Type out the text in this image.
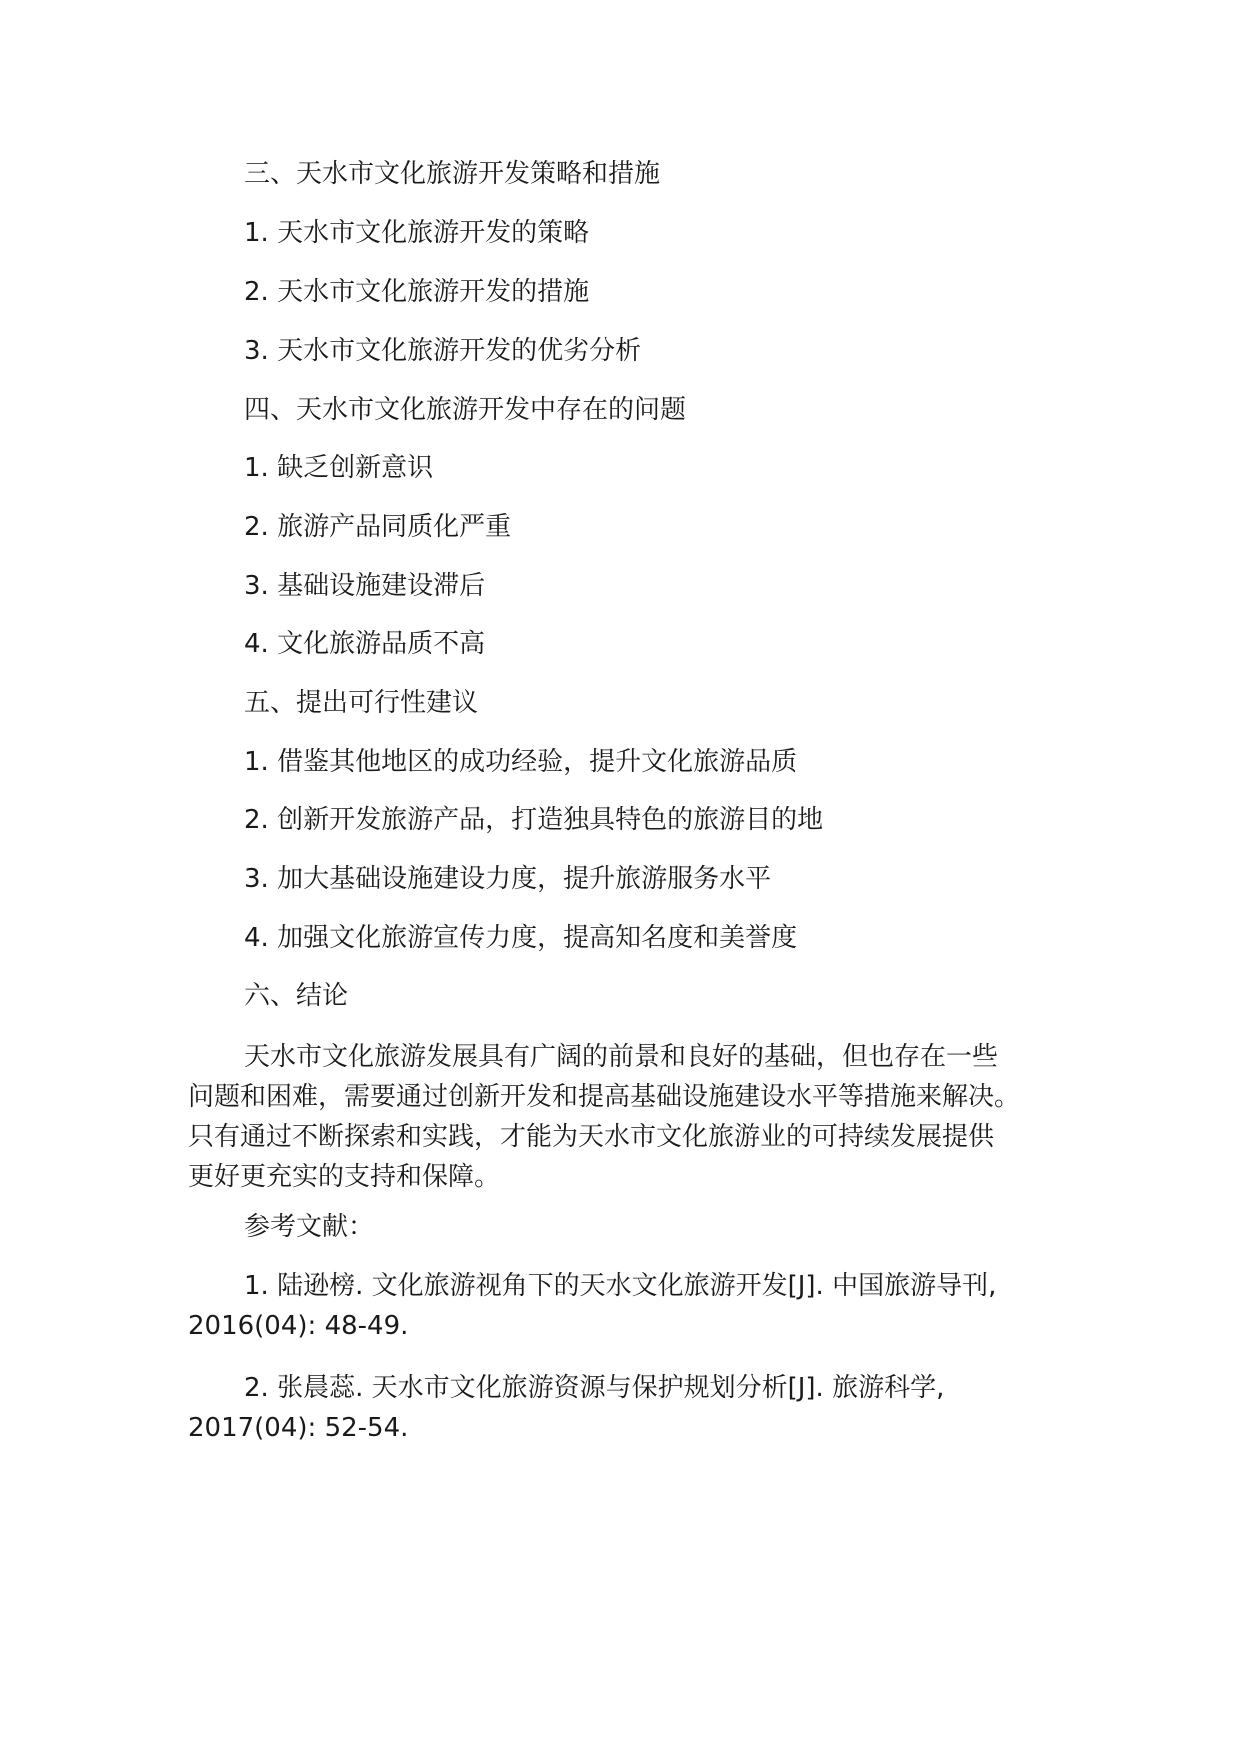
三、天水市文化旅游开发策略和措施
1. 天水市文化旅游开发的策略
2. 天水市文化旅游开发的措施
3. 天水市文化旅游开发的优劣分析
四、天水市文化旅游开发中存在的问题
1. 缺乏创新意识
2. 旅游产品同质化严重
3. 基础设施建设滞后
4. 文化旅游品质不高
五、提出可行性建议
1. 借鉴其他地区的成功经验，提升文化旅游品质
2. 创新开发旅游产品，打造独具特色的旅游目的地
3. 加大基础设施建设力度，提升旅游服务水平
4. 加强文化旅游宣传力度，提高知名度和美誉度
六、结论
天水市文化旅游发展具有广阔的前景和良好的基础，但也存在一些
问题和困难，需要通过创新开发和提高基础设施建设水平等措施来解决。
只有通过不断探索和实践，才能为天水市文化旅游业的可持续发展提供
更好更充实的支持和保障。
参考文献：
1. 陆逊榜. 文化旅游视角下的天水文化旅游开发[J]. 中国旅游导刊,
2016(04): 48-49.
2. 张晨蕊. 天水市文化旅游资源与保护规划分析[J]. 旅游科学,
2017(04): 52-54.
